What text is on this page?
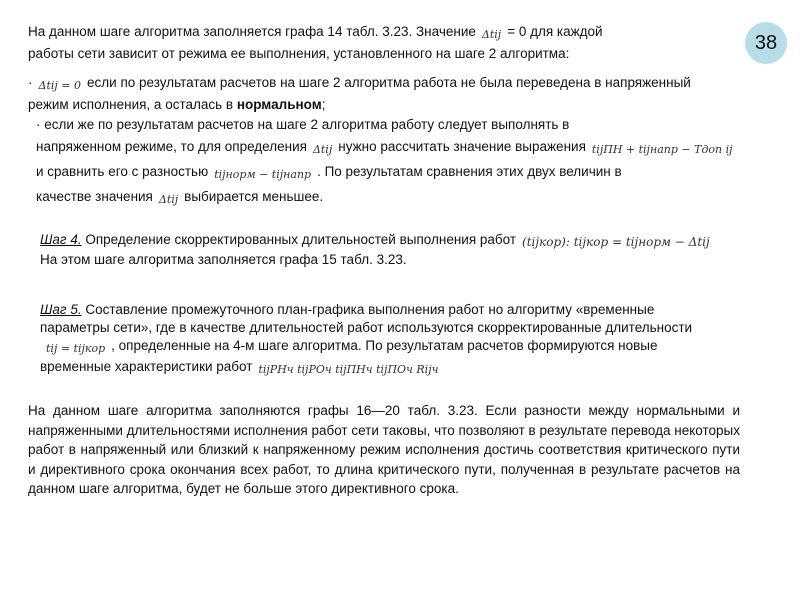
38
На данном шаге алгоритма заполняется графа 14 табл. 3.23. Значение Δtij = 0 для каждой
работы сети зависит от режима ее выполнения, установленного на шаге 2 алгоритма:
· Δtij = 0 если по результатам расчетов на шаге 2 алгоритма работа не была переведена в напряженный
режим исполнения, а осталась в нормальном;
· если же по результатам расчетов на шаге 2 алгоритма работу следует выполнять в
напряженном режиме, то для определения Δtij нужно рассчитать значение выражения tijПН + tijнапр − Tдоп ij
и сравнить его с разностью tijнорм − tijнапр . По результатам сравнения этих двух величин в
качестве значения Δtij выбирается меньшее.
Шаг 4. Определение скорректированных длительностей выполнения работ (tijкор): tijкор = tijнорм − Δtij
На этом шаге алгоритма заполняется графа 15 табл. 3.23.
Шаг 5. Составление промежуточного план-графика выполнения работ но алгоритму «временные
параметры сети», где в качестве длительностей работ используются скорректированные длительности
tij = tijкор , определенные на 4-м шаге алгоритма. По результатам расчетов формируются новые
временные характеристики работ tijРНч tijРОч tijПНч tijПОч Rijч
На данном шаге алгоритма заполняются графы 16—20 табл. 3.23. Если разности между нормальными и напряженными длительностями исполнения работ сети таковы, что позволяют в результате перевода некоторых работ в напряженный или близкий к напряженному режим исполнения достичь соответствия критического пути и директивного срока окончания всех работ, то длина критического пути, полученная в результате расчетов на данном шаге алгоритма, будет не больше этого директивного срока.
